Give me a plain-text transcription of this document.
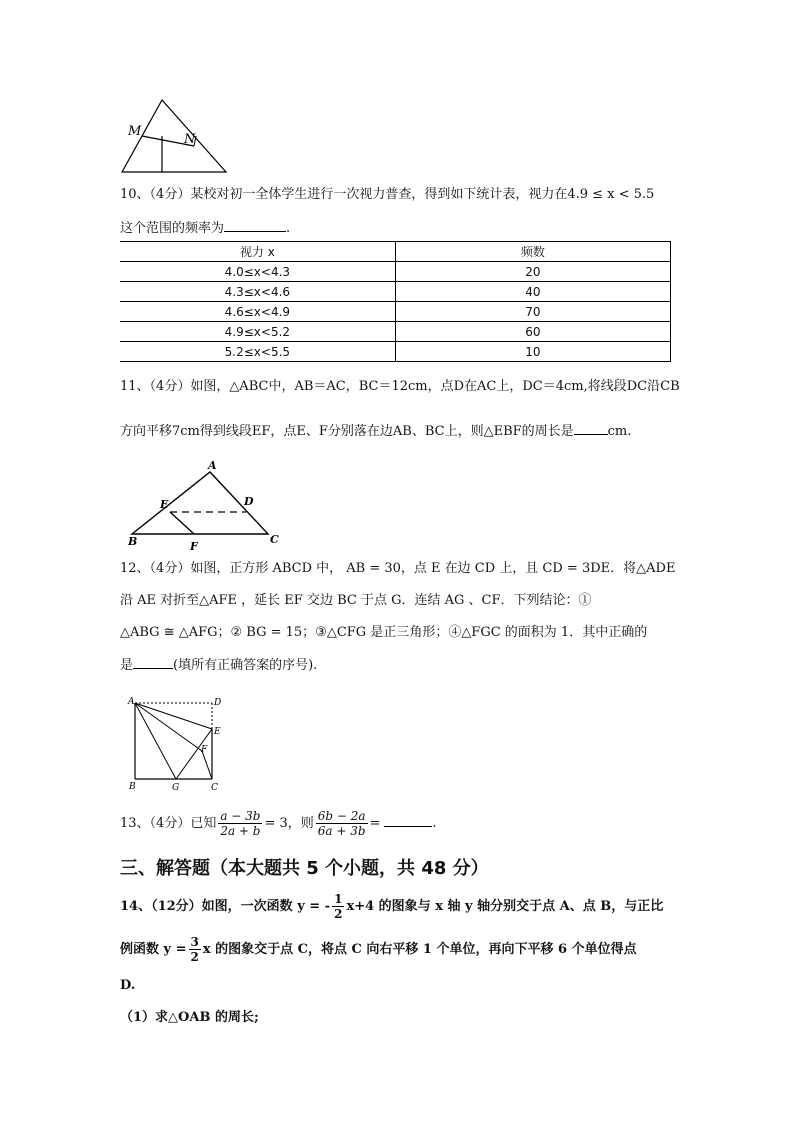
M
N
10、（4分）某校对初一全体学生进行一次视力普查，得到如下统计表，视力在4.9 ≤ x < 5.5
这个范围的频率为	.
视力 x	频数
4.0≤x<4.3	20
4.3≤x<4.6	40
4.6≤x<4.9	70
4.9≤x<5.2	60
5.2≤x<5.5	10
11、（4分）如图，△ABC中，AB＝AC，BC＝12cm，点D在AC上，DC＝4cm,将线段DC沿CB
方向平移7cm得到线段EF，点E、F分别落在边AB、BC上，则△EBF的周长是	cm.
A
E	D
B	C
F
12、（4分）如图，正方形 ABCD 中， AB = 30，点 E 在边 CD 上，且 CD = 3DE．将△ADE
沿 AE 对折至△AFE ，延长 EF 交边 BC 于点 G．连结 AG 、CF．下列结论：①
△ABG ≅ △AFG；② BG = 15；③△CFG 是正三角形；④△FGC 的面积为 1．其中正确的
是	(填所有正确答案的序号).
A	D
E
F
B	G	C
13、（4分）已知 $\frac{a - 3b}{2a + b} = 3$，则 $\frac{6b - 2a}{6a + 3b}$ =	.
三、解答题（本大题共 5 个小题，共 48 分）
14、（12分）如图，一次函数 y = - $\frac{1}{2} x+4$ 的图象与 x 轴 y 轴分别交于点 A、点 B，与正比
例函数 $y = \frac{3}{2}$ x 的图象交于点 C，将点 C 向右平移 1 个单位，再向下平移 6 个单位得点
D.
（1）求△OAB 的周长;
